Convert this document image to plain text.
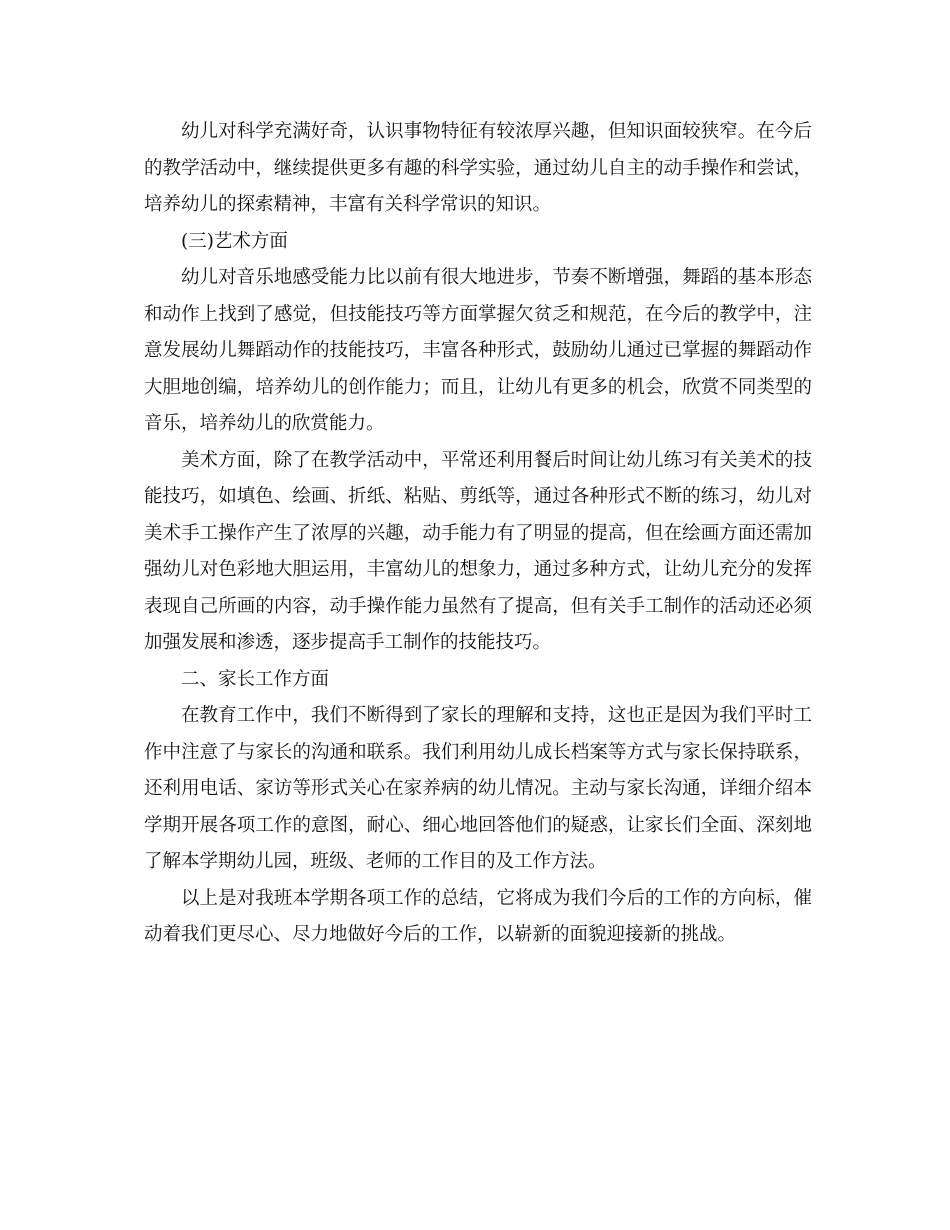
幼儿对科学充满好奇，认识事物特征有较浓厚兴趣，但知识面较狭窄。在今后的教学活动中，继续提供更多有趣的科学实验，通过幼儿自主的动手操作和尝试，培养幼儿的探索精神，丰富有关科学常识的知识。

(三)艺术方面

幼儿对音乐地感受能力比以前有很大地进步，节奏不断增强，舞蹈的基本形态和动作上找到了感觉，但技能技巧等方面掌握欠贫乏和规范，在今后的教学中，注意发展幼儿舞蹈动作的技能技巧，丰富各种形式，鼓励幼儿通过已掌握的舞蹈动作大胆地创编，培养幼儿的创作能力；而且，让幼儿有更多的机会，欣赏不同类型的音乐，培养幼儿的欣赏能力。

美术方面，除了在教学活动中，平常还利用餐后时间让幼儿练习有关美术的技能技巧，如填色、绘画、折纸、粘贴、剪纸等，通过各种形式不断的练习，幼儿对美术手工操作产生了浓厚的兴趣，动手能力有了明显的提高，但在绘画方面还需加强幼儿对色彩地大胆运用，丰富幼儿的想象力，通过多种方式，让幼儿充分的发挥表现自己所画的内容，动手操作能力虽然有了提高，但有关手工制作的活动还必须加强发展和渗透，逐步提高手工制作的技能技巧。

二、家长工作方面

在教育工作中，我们不断得到了家长的理解和支持，这也正是因为我们平时工作中注意了与家长的沟通和联系。我们利用幼儿成长档案等方式与家长保持联系，还利用电话、家访等形式关心在家养病的幼儿情况。主动与家长沟通，详细介绍本学期开展各项工作的意图，耐心、细心地回答他们的疑惑，让家长们全面、深刻地了解本学期幼儿园，班级、老师的工作目的及工作方法。

以上是对我班本学期各项工作的总结，它将成为我们今后的工作的方向标，催动着我们更尽心、尽力地做好今后的工作，以崭新的面貌迎接新的挑战。
